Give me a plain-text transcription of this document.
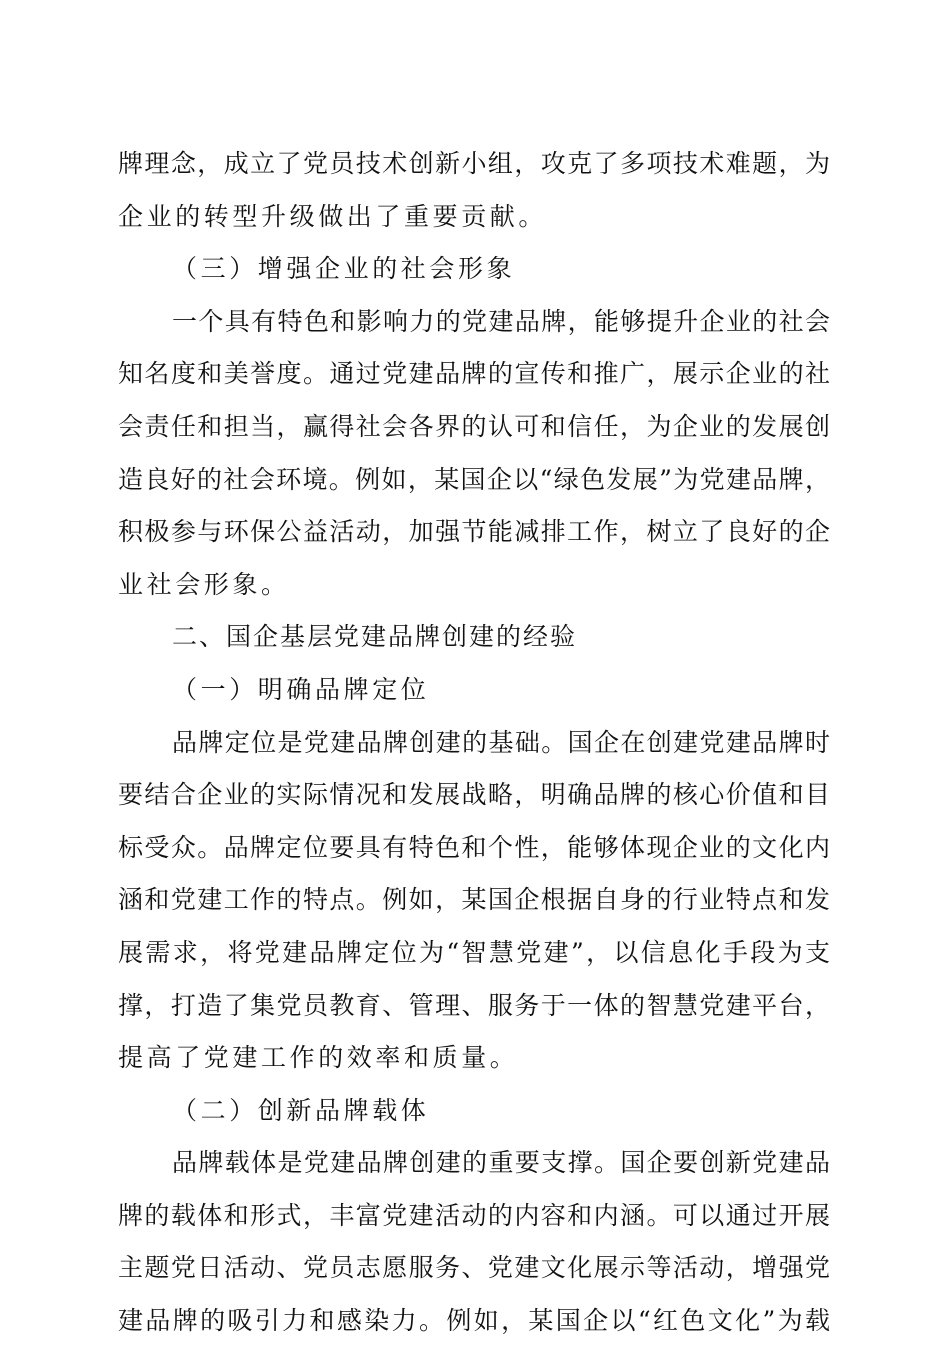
牌理念，成立了党员技术创新小组，攻克了多项技术难题，为
企业的转型升级做出了重要贡献。
（三）增强企业的社会形象
一个具有特色和影响力的党建品牌，能够提升企业的社会
知名度和美誉度。通过党建品牌的宣传和推广，展示企业的社
会责任和担当，赢得社会各界的认可和信任，为企业的发展创
造良好的社会环境。例如，某国企以“绿色发展”为党建品牌，
积极参与环保公益活动，加强节能减排工作，树立了良好的企
业社会形象。
二、国企基层党建品牌创建的经验
（一）明确品牌定位
品牌定位是党建品牌创建的基础。国企在创建党建品牌时
要结合企业的实际情况和发展战略，明确品牌的核心价值和目
标受众。品牌定位要具有特色和个性，能够体现企业的文化内
涵和党建工作的特点。例如，某国企根据自身的行业特点和发
展需求，将党建品牌定位为“智慧党建”，以信息化手段为支
撑，打造了集党员教育、管理、服务于一体的智慧党建平台，
提高了党建工作的效率和质量。
（二）创新品牌载体
品牌载体是党建品牌创建的重要支撑。国企要创新党建品
牌的载体和形式，丰富党建活动的内容和内涵。可以通过开展
主题党日活动、党员志愿服务、党建文化展示等活动，增强党
建品牌的吸引力和感染力。例如，某国企以“红色文化”为载
